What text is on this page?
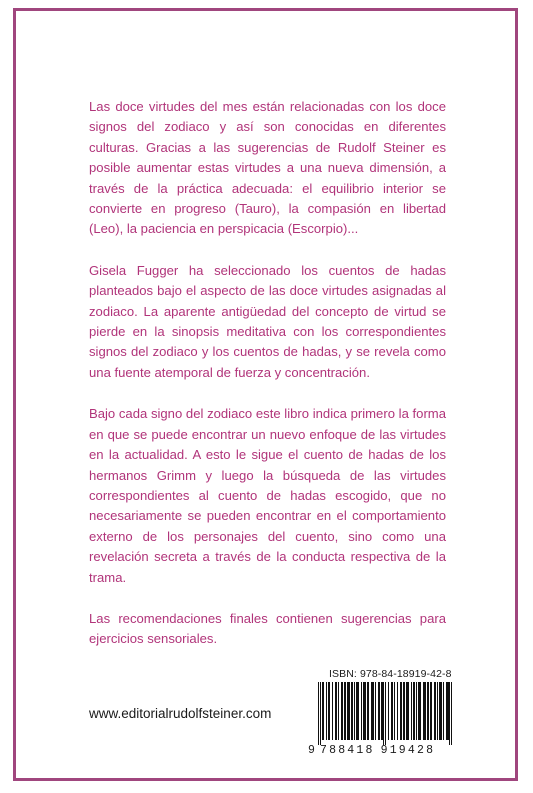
Las doce virtudes del mes están relacionadas con los doce signos del zodiaco y así son conocidas en diferentes culturas. Gracias a las sugerencias de Rudolf Steiner es posible aumentar estas virtudes a una nueva dimensión, a través de la práctica adecuada: el equilibrio interior se convierte en progreso (Tauro), la compasión en libertad (Leo), la paciencia en perspicacia (Escorpio)...

Gisela Fugger ha seleccionado los cuentos de hadas planteados bajo el aspecto de las doce virtudes asignadas al zodiaco. La aparente antigüedad del concepto de virtud se pierde en la sinopsis meditativa con los correspondientes signos del zodiaco y los cuentos de hadas, y se revela como una fuente atemporal de fuerza y concentración.

Bajo cada signo del zodiaco este libro indica primero la forma en que se puede encontrar un nuevo enfoque de las virtudes en la actualidad. A esto le sigue el cuento de hadas de los hermanos Grimm y luego la búsqueda de las virtudes correspondientes al cuento de hadas escogido, que no necesariamente se pueden encontrar en el comportamiento externo de los personajes del cuento, sino como una revelación secreta a través de la conducta respectiva de la trama.

Las recomendaciones finales contienen sugerencias para ejercicios sensoriales.

www.editorialrudolfsteiner.com
ISBN: 978-84-18919-42-8
9 788418 919428
